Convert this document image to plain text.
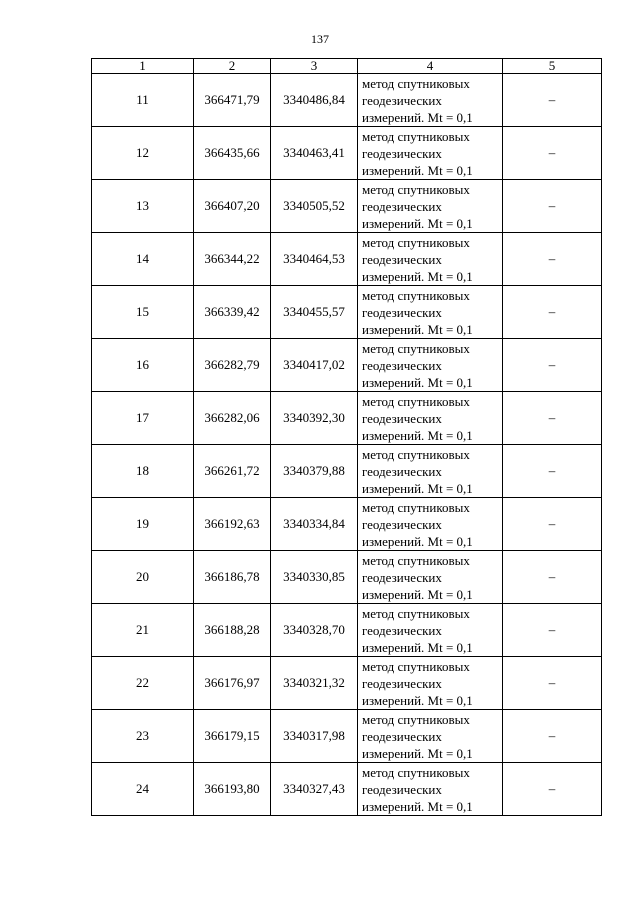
137
1	2	3	4	5
11	366471,79	3340486,84	метод спутниковых
геодезических
измерений. Mt = 0,1	–
12	366435,66	3340463,41	метод спутниковых
геодезических
измерений. Mt = 0,1	–
13	366407,20	3340505,52	метод спутниковых
геодезических
измерений. Mt = 0,1	–
14	366344,22	3340464,53	метод спутниковых
геодезических
измерений. Mt = 0,1	–
15	366339,42	3340455,57	метод спутниковых
геодезических
измерений. Mt = 0,1	–
16	366282,79	3340417,02	метод спутниковых
геодезических
измерений. Mt = 0,1	–
17	366282,06	3340392,30	метод спутниковых
геодезических
измерений. Mt = 0,1	–
18	366261,72	3340379,88	метод спутниковых
геодезических
измерений. Mt = 0,1	–
19	366192,63	3340334,84	метод спутниковых
геодезических
измерений. Mt = 0,1	–
20	366186,78	3340330,85	метод спутниковых
геодезических
измерений. Mt = 0,1	–
21	366188,28	3340328,70	метод спутниковых
геодезических
измерений. Mt = 0,1	–
22	366176,97	3340321,32	метод спутниковых
геодезических
измерений. Mt = 0,1	–
23	366179,15	3340317,98	метод спутниковых
геодезических
измерений. Mt = 0,1	–
24	366193,80	3340327,43	метод спутниковых
геодезических
измерений. Mt = 0,1	–
